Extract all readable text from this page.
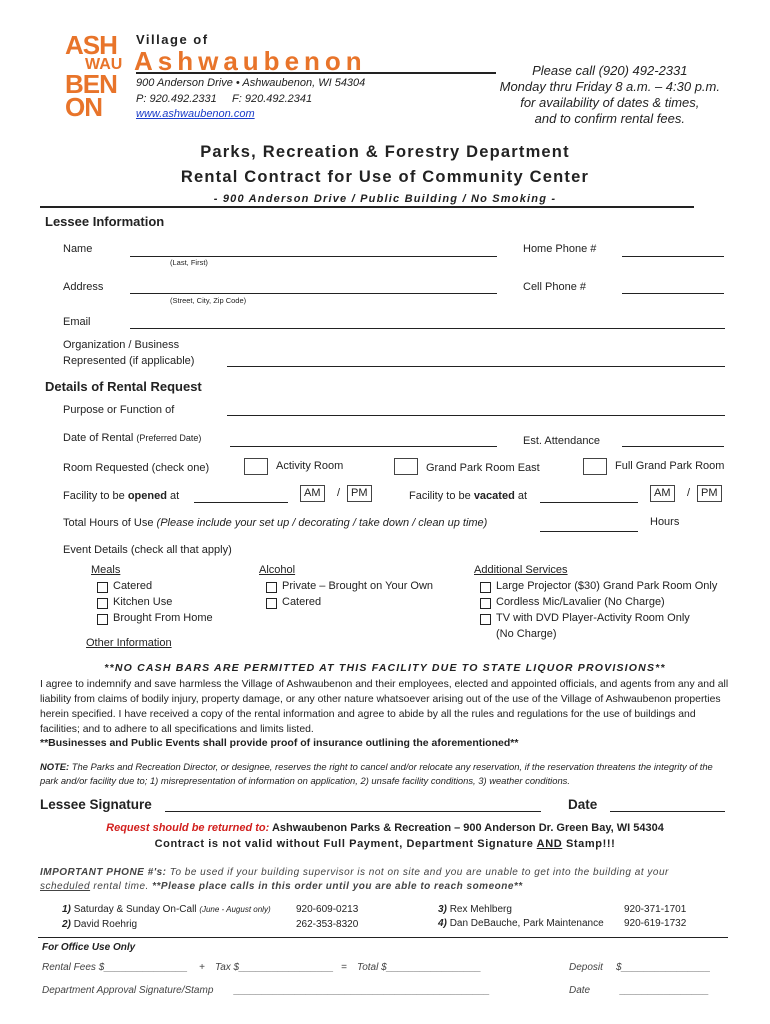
ASH
WAU
BEN
ON
Village of
Ashwaubenon
900 Anderson Drive • Ashwaubenon, WI 54304
P: 920.492.2331     F: 920.492.2341
www.ashwaubenon.com
Please call (920) 492-2331
Monday thru Friday 8 a.m. – 4:30 p.m.
for availability of dates & times,
and to confirm rental fees.
Parks, Recreation & Forestry Department
Rental Contract for Use of Community Center
- 900 Anderson Drive / Public Building / No Smoking -
Lessee Information
Name
(Last, First)
Home Phone #
Address
(Street, City, Zip Code)
Cell Phone #
Email
Organization / Business
Represented (if applicable)
Details of Rental Request
Purpose or Function of
Date of Rental (Preferred Date)	Est. Attendance
Room Requested (check one)	Activity Room	Grand Park Room East	Full Grand Park Room
Facility to be opened at	AM	/ PM	Facility to be vacated at	AM	/ PM
Total Hours of Use (Please include your set up / decorating / take down / clean up time)	Hours
Event Details (check all that apply)
Meals
Catered
Kitchen Use
Brought From Home
Alcohol
Private – Brought on Your Own
Catered
Additional Services
Large Projector ($30) Grand Park Room Only
Cordless Mic/Lavalier (No Charge)
TV with DVD Player-Activity Room Only
(No Charge)
Other Information
**NO CASH BARS ARE PERMITTED AT THIS FACILITY DUE TO STATE LIQUOR PROVISIONS**
I agree to indemnify and save harmless the Village of Ashwaubenon and their employees, elected and appointed officials, and agents from any and all liability from claims of bodily injury, property damage, or any other nature whatsoever arising out of the use of the Village of Ashwaubenon properties herein specified. I have received a copy of the rental information and agree to abide by all the rules and regulations for the use of buildings and facilities; and to adhere to all specifications and limits listed.
**Businesses and Public Events shall provide proof of insurance outlining the aforementioned**
NOTE: The Parks and Recreation Director, or designee, reserves the right to cancel and/or relocate any reservation, if the reservation threatens the integrity of the park and/or facility due to; 1) misrepresentation of information on application, 2) unsafe facility conditions, 3) weather conditions.
Lessee Signature	Date
Request should be returned to: Ashwaubenon Parks & Recreation – 900 Anderson Dr. Green Bay, WI 54304
Contract is not valid without Full Payment, Department Signature AND Stamp!!!
IMPORTANT PHONE #'s: To be used if your building supervisor is not on site and you are unable to get into the building at your
scheduled rental time. **Please place calls in this order until you are able to reach someone**
1) Saturday & Sunday On-Call (June - August only)	920-609-0213
2) David Roehrig	262-353-8320
3) Rex Mehlberg	920-371-1701
4) Dan DeBauche, Park Maintenance 920-619-1732
For Office Use Only
Rental Fees $_______________ + Tax $_________________ = Total $_________________	Deposit $________________
Department Approval Signature/Stamp ______________________________________________	Date	________________
